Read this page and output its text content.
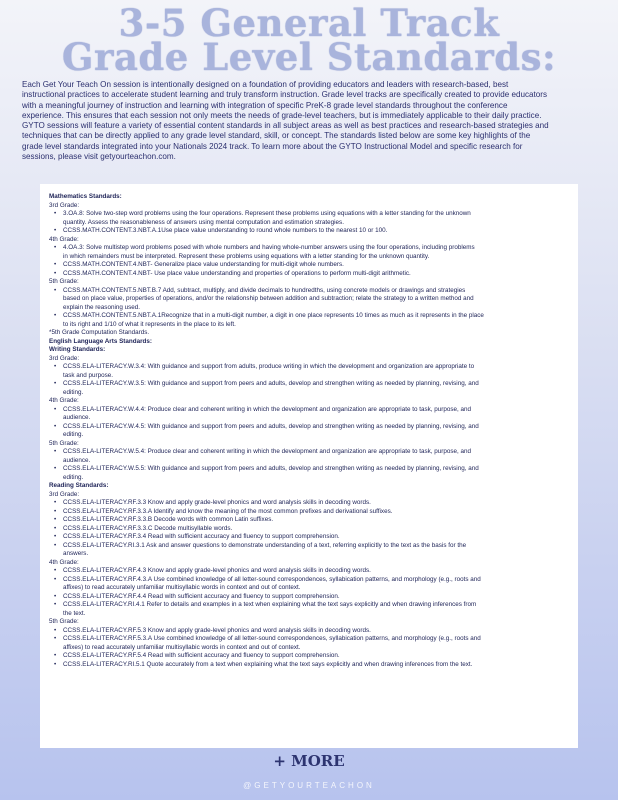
3-5 General Track
Grade Level Standards:
Each Get Your Teach On session is intentionally designed on a foundation of providing educators and leaders with research-based, best
instructional practices to accelerate student learning and truly transform instruction. Grade level tracks are specifically created to provide educators
with a meaningful journey of instruction and learning with integration of specific PreK-8 grade level standards throughout the conference
experience. This ensures that each session not only meets the needs of grade-level teachers, but is immediately applicable to their daily practice.
GYTO sessions will feature a variety of essential content standards in all subject areas as well as best practices and research-based strategies and
techniques that can be directly applied to any grade level standard, skill, or concept. The standards listed below are some key highlights of the
grade level standards integrated into your Nationals 2024 track. To learn more about the GYTO Instructional Model and specific research for
sessions, please visit getyourteachon.com.
Mathematics Standards:
3rd Grade:
• 3.OA.8: Solve two-step word problems using the four operations. Represent these problems using equations with a letter standing for the unknown
quantity. Assess the reasonableness of answers using mental computation and estimation strategies.
• CCSS.MATH.CONTENT.3.NBT.A.1Use place value understanding to round whole numbers to the nearest 10 or 100.
4th Grade:
• 4.OA.3: Solve multistep word problems posed with whole numbers and having whole-number answers using the four operations, including problems
in which remainders must be interpreted. Represent these problems using equations with a letter standing for the unknown quantity.
• CCSS.MATH.CONTENT.4.NBT- Generalize place value understanding for multi-digit whole numbers.
• CCSS.MATH.CONTENT.4.NBT- Use place value understanding and properties of operations to perform multi-digit arithmetic.
5th Grade:
• CCSS.MATH.CONTENT.5.NBT.B.7 Add, subtract, multiply, and divide decimals to hundredths, using concrete models or drawings and strategies
based on place value, properties of operations, and/or the relationship between addition and subtraction; relate the strategy to a written method and
explain the reasoning used.
• CCSS.MATH.CONTENT.5.NBT.A.1Recognize that in a multi-digit number, a digit in one place represents 10 times as much as it represents in the place
to its right and 1/10 of what it represents in the place to its left.
*5th Grade Computation Standards.
English Language Arts Standards:
Writing Standards:
3rd Grade:
• CCSS.ELA-LITERACY.W.3.4: With guidance and support from adults, produce writing in which the development and organization are appropriate to
task and purpose.
• CCSS.ELA-LITERACY.W.3.5: With guidance and support from peers and adults, develop and strengthen writing as needed by planning, revising, and
editing.
4th Grade:
• CCSS.ELA-LITERACY.W.4.4: Produce clear and coherent writing in which the development and organization are appropriate to task, purpose, and
audience.
• CCSS.ELA-LITERACY.W.4.5: With guidance and support from peers and adults, develop and strengthen writing as needed by planning, revising, and
editing.
5th Grade:
• CCSS.ELA-LITERACY.W.5.4: Produce clear and coherent writing in which the development and organization are appropriate to task, purpose, and
audience.
• CCSS.ELA-LITERACY.W.5.5: With guidance and support from peers and adults, develop and strengthen writing as needed by planning, revising, and
editing.
Reading Standards:
3rd Grade:
• CCSS.ELA-LITERACY.RF.3.3 Know and apply grade-level phonics and word analysis skills in decoding words.
• CCSS.ELA-LITERACY.RF.3.3.A Identify and know the meaning of the most common prefixes and derivational suffixes.
• CCSS.ELA-LITERACY.RF.3.3.B Decode words with common Latin suffixes.
• CCSS.ELA-LITERACY.RF.3.3.C Decode multisyllable words.
• CCSS.ELA-LITERACY.RF.3.4 Read with sufficient accuracy and fluency to support comprehension.
• CCSS.ELA-LITERACY.RI.3.1 Ask and answer questions to demonstrate understanding of a text, referring explicitly to the text as the basis for the
answers.
4th Grade:
• CCSS.ELA-LITERACY.RF.4.3 Know and apply grade-level phonics and word analysis skills in decoding words.
• CCSS.ELA-LITERACY.RF.4.3.A Use combined knowledge of all letter-sound correspondences, syllabication patterns, and morphology (e.g., roots and
affixes) to read accurately unfamiliar multisyllabic words in context and out of context.
• CCSS.ELA-LITERACY.RF.4.4 Read with sufficient accuracy and fluency to support comprehension.
• CCSS.ELA-LITERACY.RI.4.1 Refer to details and examples in a text when explaining what the text says explicitly and when drawing inferences from
the text.
5th Grade:
• CCSS.ELA-LITERACY.RF.5.3 Know and apply grade-level phonics and word analysis skills in decoding words.
• CCSS.ELA-LITERACY.RF.5.3.A Use combined knowledge of all letter-sound correspondences, syllabication patterns, and morphology (e.g., roots and
affixes) to read accurately unfamiliar multisyllabic words in context and out of context.
• CCSS.ELA-LITERACY.RF.5.4 Read with sufficient accuracy and fluency to support comprehension.
• CCSS.ELA-LITERACY.RI.5.1 Quote accurately from a text when explaining what the text says explicitly and when drawing inferences from the text.
+ MORE
@GETYOURTEACHON
